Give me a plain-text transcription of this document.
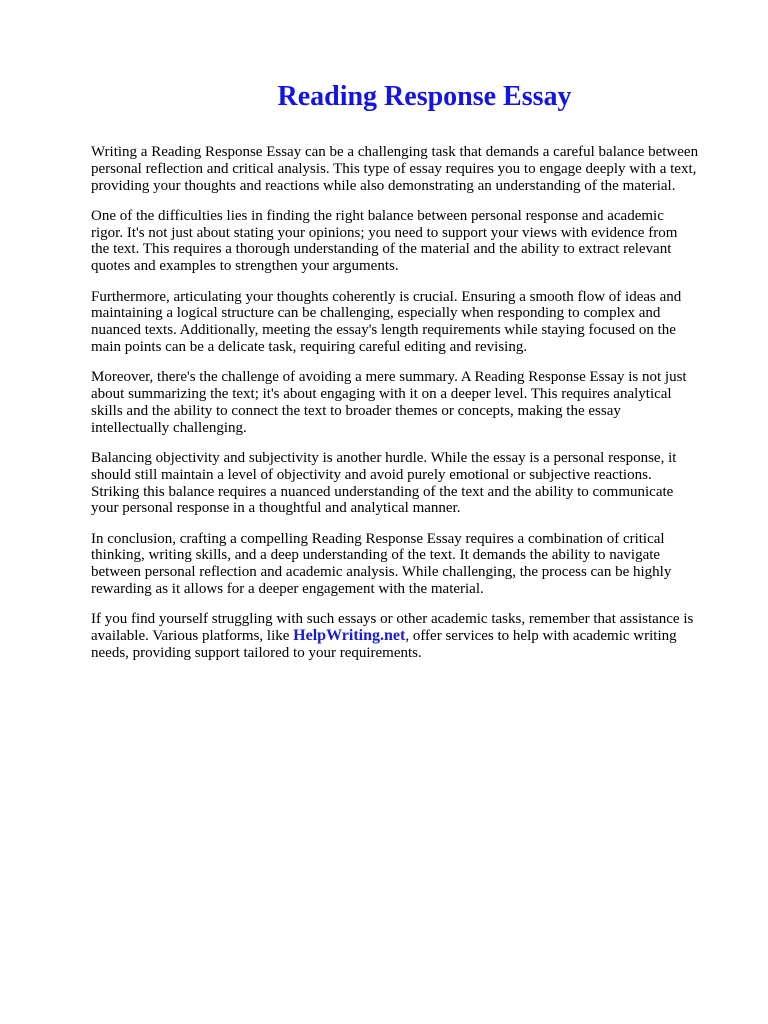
Reading Response Essay

Writing a Reading Response Essay can be a challenging task that demands a careful balance between
personal reflection and critical analysis. This type of essay requires you to engage deeply with a text,
providing your thoughts and reactions while also demonstrating an understanding of the material.

One of the difficulties lies in finding the right balance between personal response and academic
rigor. It's not just about stating your opinions; you need to support your views with evidence from
the text. This requires a thorough understanding of the material and the ability to extract relevant
quotes and examples to strengthen your arguments.

Furthermore, articulating your thoughts coherently is crucial. Ensuring a smooth flow of ideas and
maintaining a logical structure can be challenging, especially when responding to complex and
nuanced texts. Additionally, meeting the essay's length requirements while staying focused on the
main points can be a delicate task, requiring careful editing and revising.

Moreover, there's the challenge of avoiding a mere summary. A Reading Response Essay is not just
about summarizing the text; it's about engaging with it on a deeper level. This requires analytical
skills and the ability to connect the text to broader themes or concepts, making the essay
intellectually challenging.

Balancing objectivity and subjectivity is another hurdle. While the essay is a personal response, it
should still maintain a level of objectivity and avoid purely emotional or subjective reactions.
Striking this balance requires a nuanced understanding of the text and the ability to communicate
your personal response in a thoughtful and analytical manner.

In conclusion, crafting a compelling Reading Response Essay requires a combination of critical
thinking, writing skills, and a deep understanding of the text. It demands the ability to navigate
between personal reflection and academic analysis. While challenging, the process can be highly
rewarding as it allows for a deeper engagement with the material.

If you find yourself struggling with such essays or other academic tasks, remember that assistance is
available. Various platforms, like HelpWriting.net, offer services to help with academic writing
needs, providing support tailored to your requirements.
